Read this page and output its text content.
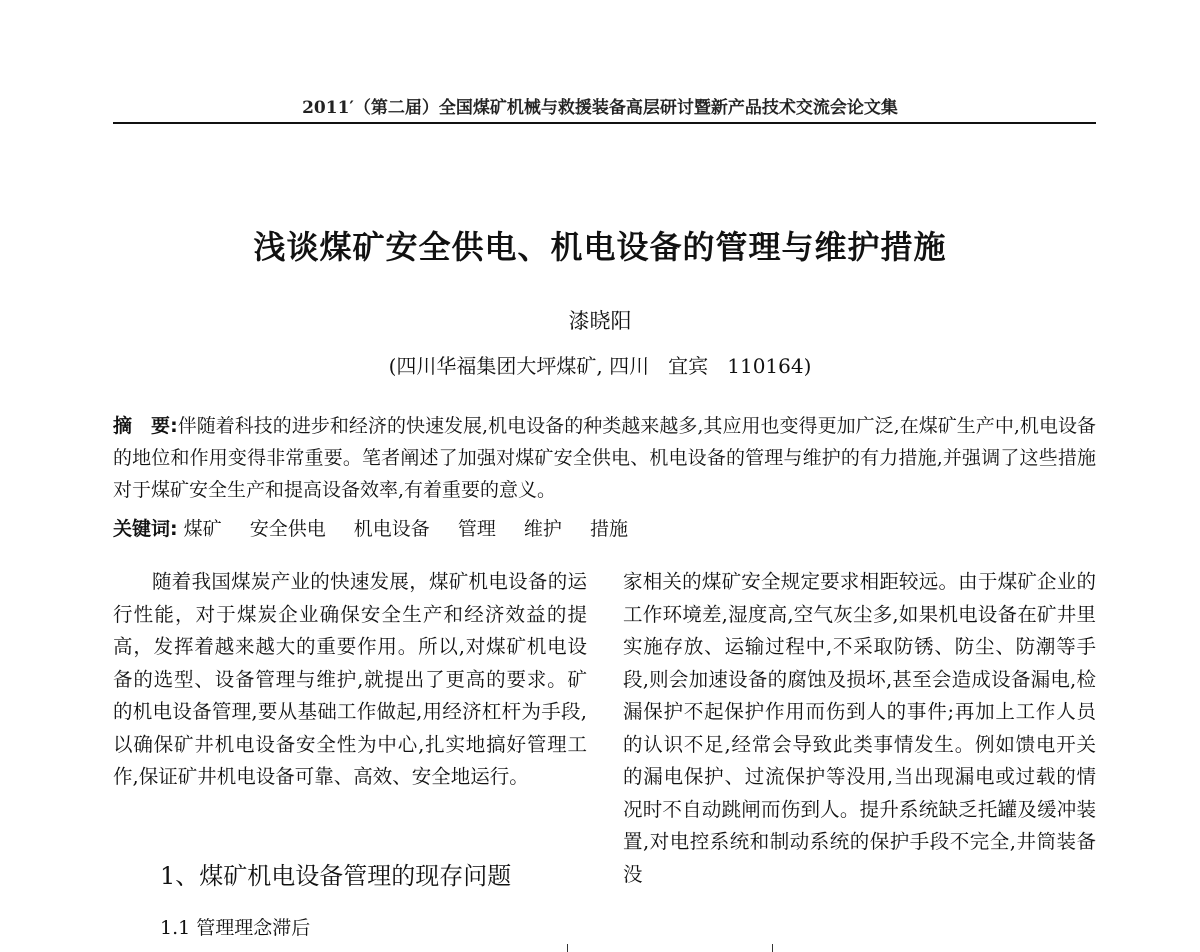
2011′（第二届）全国煤矿机械与救援装备高层研讨暨新产品技术交流会论文集
浅谈煤矿安全供电、机电设备的管理与维护措施
漆晓阳
(四川华福集团大坪煤矿, 四川   宜宾   110164)
摘　要:伴随着科技的进步和经济的快速发展,机电设备的种类越来越多,其应用也变得更加广泛,在煤矿生产中,机电设备的地位和作用变得非常重要。笔者阐述了加强对煤矿安全供电、机电设备的管理与维护的有力措施,并强调了这些措施对于煤矿安全生产和提高设备效率,有着重要的意义。
关键词: 煤矿 安全供电 机电设备 管理 维护 措施

随着我国煤炭产业的快速发展，煤矿机电设备的运行性能，对于煤炭企业确保安全生产和经济效益的提高，发挥着越来越大的重要作用。所以,对煤矿机电设备的选型、设备管理与维护,就提出了更高的要求。矿的机电设备管理,要从基础工作做起,用经济杠杆为手段,以确保矿井机电设备安全性为中心,扎实地搞好管理工作,保证矿井机电设备可靠、高效、安全地运行。

1、煤矿机电设备管理的现存问题
1.1 管理理念滞后

家相关的煤矿安全规定要求相距较远。由于煤矿企业的工作环境差,湿度高,空气灰尘多,如果机电设备在矿井里实施存放、运输过程中,不采取防锈、防尘、防潮等手段,则会加速设备的腐蚀及损坏,甚至会造成设备漏电,检漏保护不起保护作用而伤到人的事件;再加上工作人员的认识不足,经常会导致此类事情发生。例如馈电开关的漏电保护、过流保护等没用,当出现漏电或过载的情况时不自动跳闸而伤到人。提升系统缺乏托罐及缓冲装置,对电控系统和制动系统的保护手段不完全,井筒装备没
